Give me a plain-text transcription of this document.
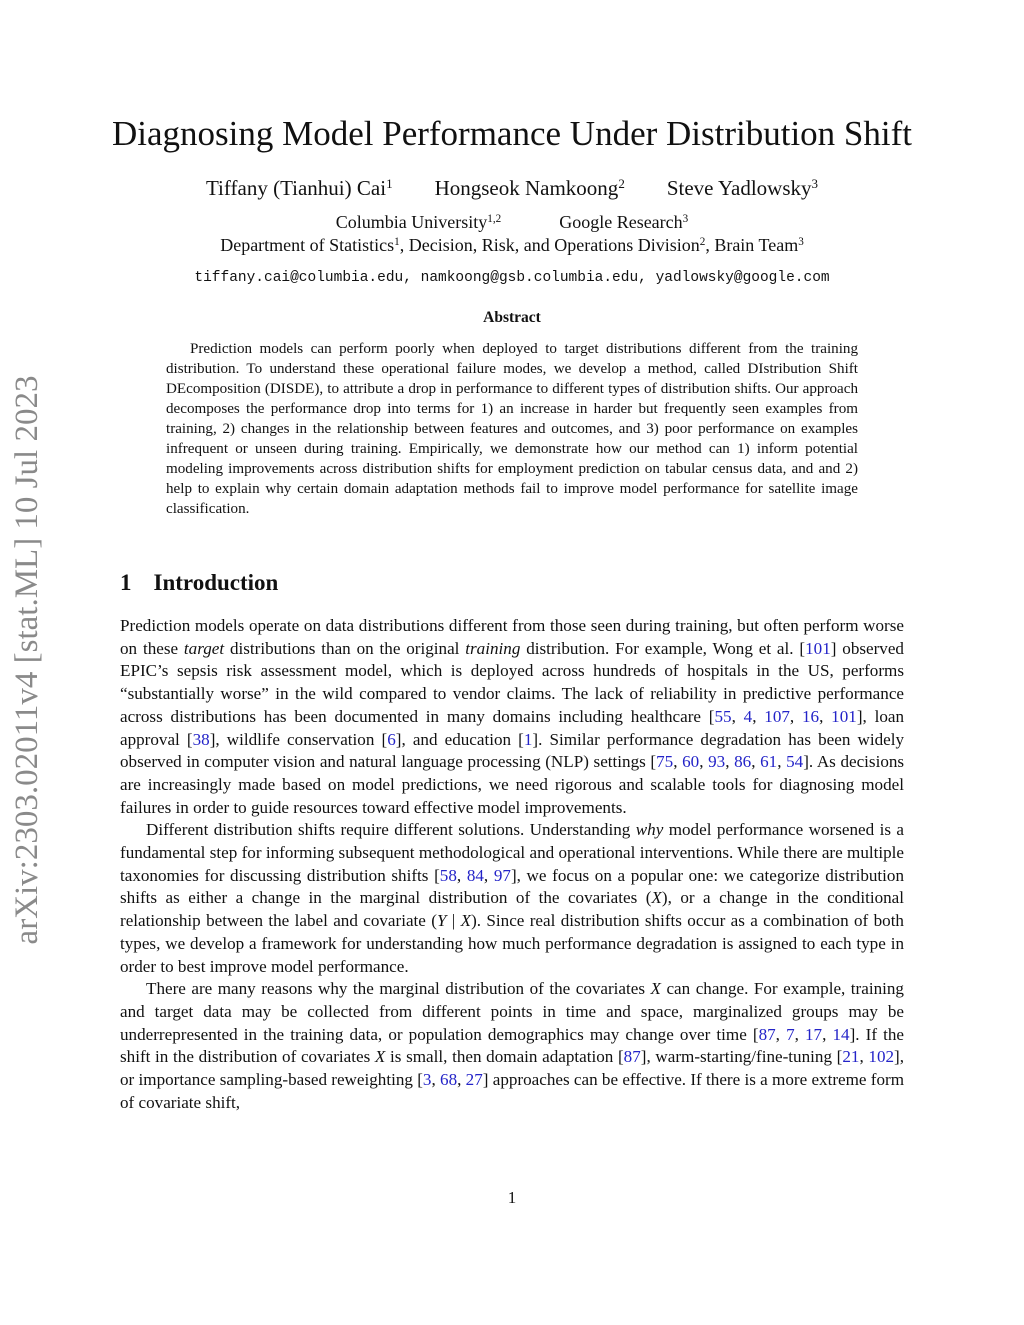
arXiv:2303.02011v4 [stat.ML] 10 Jul 2023
Diagnosing Model Performance Under Distribution Shift
Tiffany (Tianhui) Cai$^1$ Hongseok Namkoong$^2$ Steve Yadlowsky$^3$
Columbia University$^{1,2}$	Google Research$^3$
Department of Statistics$^1$, Decision, Risk, and Operations Division$^2$, Brain Team$^3$
tiffany.cai@columbia.edu, namkoong@gsb.columbia.edu, yadlowsky@google.com
Abstract

Prediction models can perform poorly when deployed to target distributions different from the training distribution. To understand these operational failure modes, we develop a method, called DIstribution Shift DEcomposition (DISDE), to attribute a drop in performance to different types of distribution shifts. Our approach decomposes the performance drop into terms for 1) an increase in harder but frequently seen examples from training, 2) changes in the relationship between features and outcomes, and 3) poor performance on examples infrequent or unseen during training. Empirically, we demonstrate how our method can 1) inform potential modeling improvements across distribution shifts for employment prediction on tabular census data, and and 2) help to explain why certain domain adaptation methods fail to improve model performance for satellite image classification.

1 Introduction

Prediction models operate on data distributions different from those seen during training, but often perform worse on these target distributions than on the original training distribution. For example, Wong et al. [101] observed EPIC’s sepsis risk assessment model, which is deployed across hundreds of hospitals in the US, performs “substantially worse” in the wild compared to vendor claims. The lack of reliability in predictive performance across distributions has been documented in many domains including healthcare [55, 4, 107, 16, 101], loan approval [38], wildlife conservation [6], and education [1]. Similar performance degradation has been widely observed in computer vision and natural language processing (NLP) settings [75, 60, 93, 86, 61, 54]. As decisions are increasingly made based on model predictions, we need rigorous and scalable tools for diagnosing model failures in order to guide resources toward effective model improvements.

Different distribution shifts require different solutions. Understanding why model performance worsened is a fundamental step for informing subsequent methodological and operational interventions. While there are multiple taxonomies for discussing distribution shifts [58, 84, 97], we focus on a popular one: we categorize distribution shifts as either a change in the marginal distribution of the covariates (X), or a change in the conditional relationship between the label and covariate (Y | X). Since real distribution shifts occur as a combination of both types, we develop a framework for understanding how much performance degradation is assigned to each type in order to best improve model performance.

There are many reasons why the marginal distribution of the covariates X can change. For example, training and target data may be collected from different points in time and space, marginalized groups may be underrepresented in the training data, or population demographics may change over time [87, 7, 17, 14]. If the shift in the distribution of covariates X is small, then domain adaptation [87], warm-starting/fine-tuning [21, 102], or importance sampling-based reweighting [3, 68, 27] approaches can be effective. If there is a more extreme form of covariate shift,

1
